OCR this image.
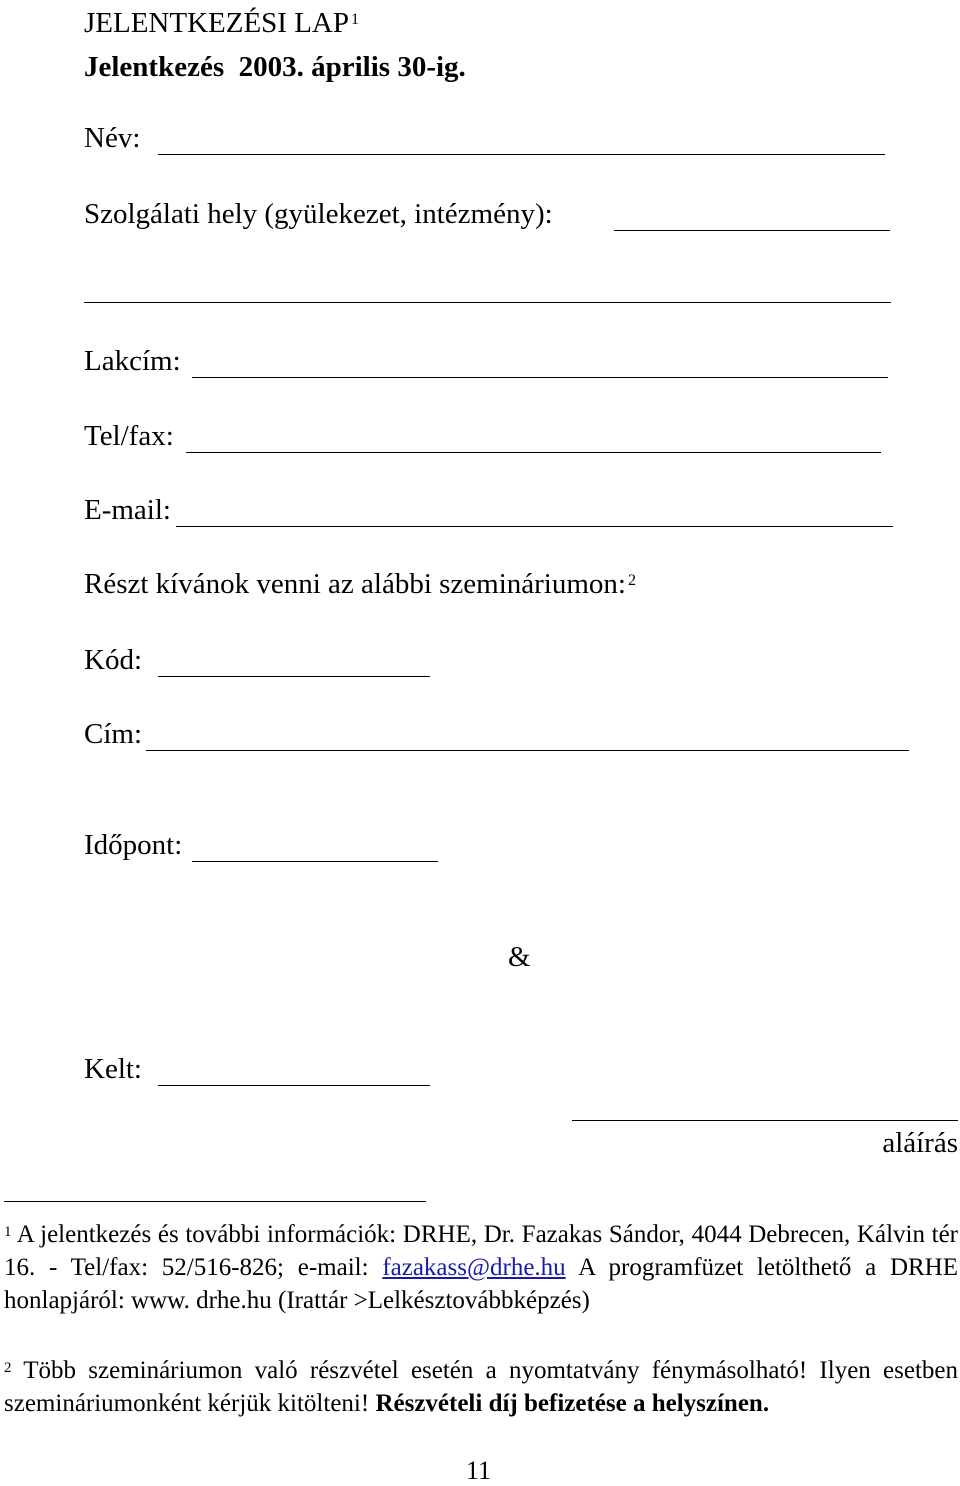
JELENTKEZÉSI LAP $^1$
Jelentkezés  2003. április 30-ig.
Név:
Szolgálati hely (gyülekezet, intézmény):
Lakcím:
Tel/fax:
E-mail:
Részt kívánok venni az alábbi szemináriumon: $^2$
Kód:
Cím:
Időpont:
&
Kelt:
aláírás
$^1$ A jelentkezés és további információk: DRHE, Dr. Fazakas Sándor, 4044 Debrecen, Kálvin tér 16. - Tel/fax: 52/516-826; e-mail: fazakass@drhe.hu A programfüzet letölthető a DRHE honlapjáról: www. drhe.hu (Irattár >Lelkésztovábbképzés)
$^2$ Több szemináriumon való részvétel esetén a nyomtatvány fénymásolható! Ilyen esetben szemináriumonként kérjük kitölteni! Részvételi díj befizetése a helyszínen.
11
